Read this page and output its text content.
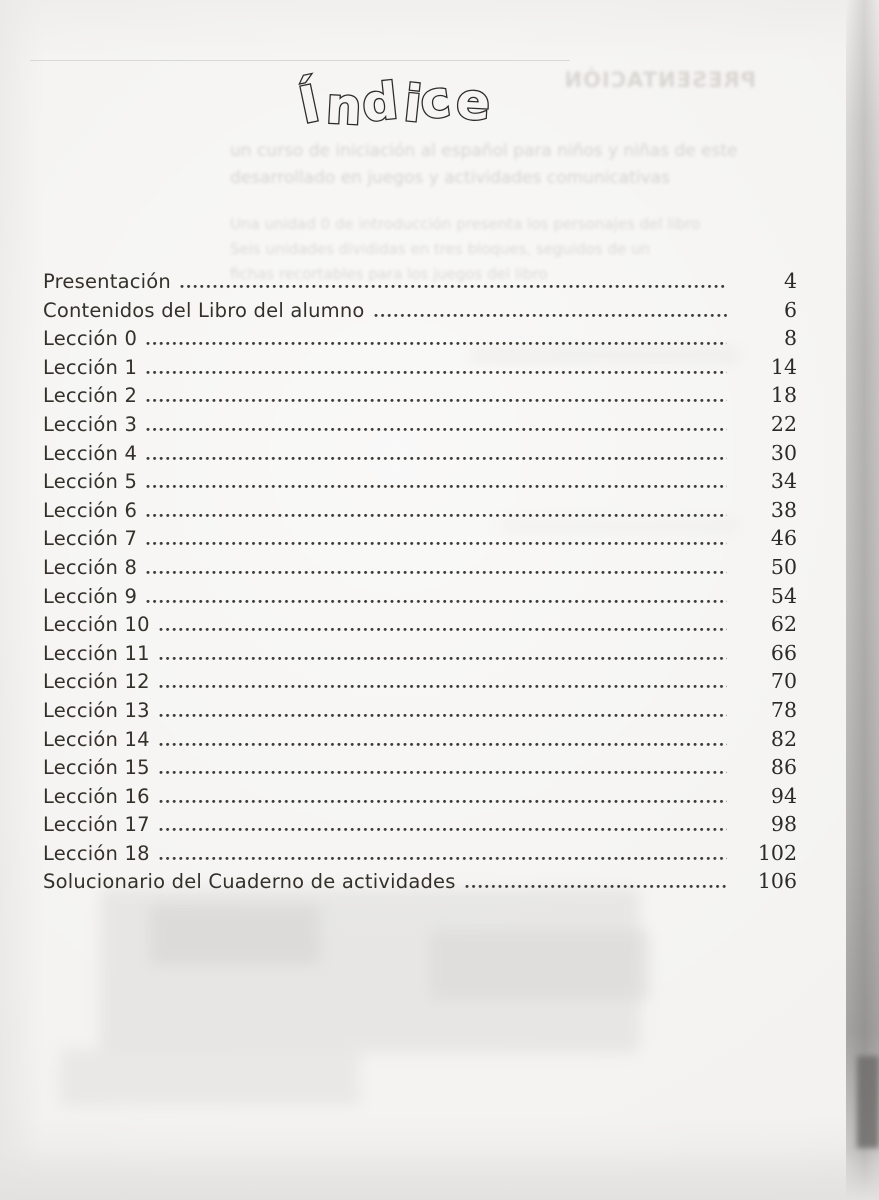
PRESENTACIÓN
un curso de iniciación al español para niños y niñas de este
desarrollado en juegos y actividades comunicativas
Una unidad 0 de introducción presenta los personajes del libro
Seis unidades divididas en tres bloques, seguidos de un
fichas recortables para los juegos del libro
Índice
Presentación	4
Contenidos del Libro del alumno	6
Lección 0	8
Lección 1	14
Lección 2	18
Lección 3	22
Lección 4	30
Lección 5	34
Lección 6	38
Lección 7	46
Lección 8	50
Lección 9	54
Lección 10	62
Lección 11	66
Lección 12	70
Lección 13	78
Lección 14	82
Lección 15	86
Lección 16	94
Lección 17	98
Lección 18	102
Solucionario del Cuaderno de actividades	106
